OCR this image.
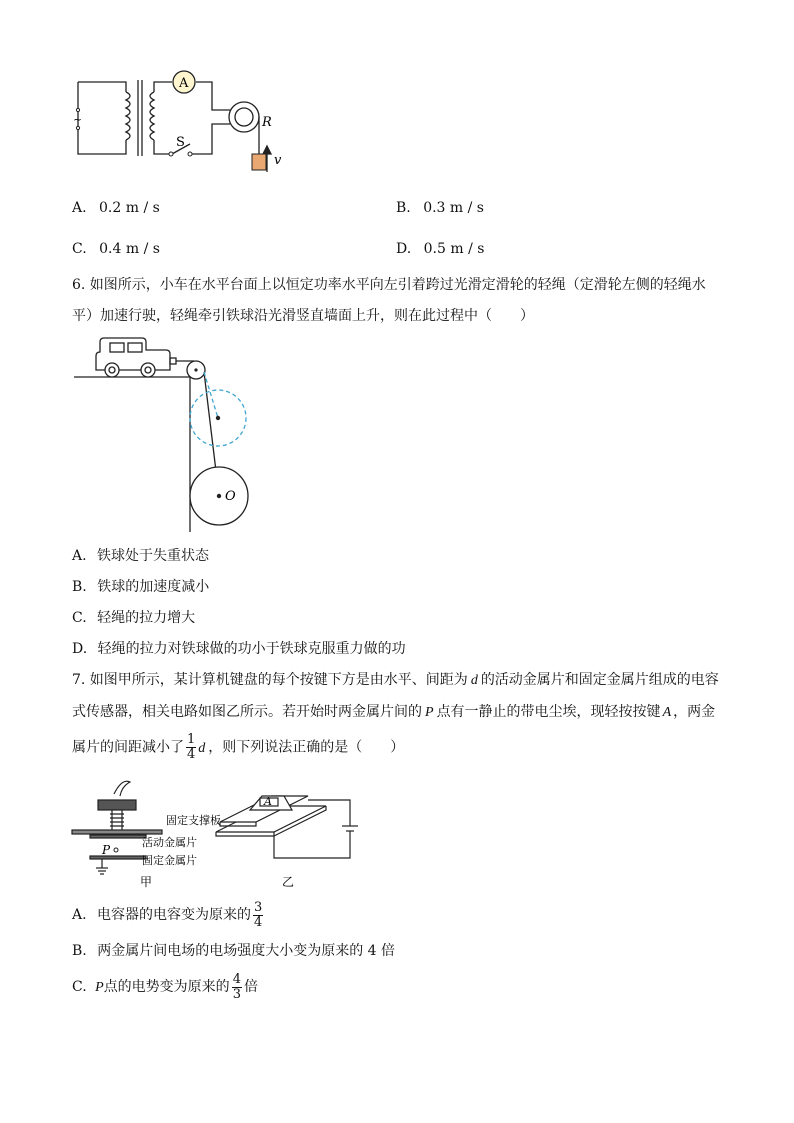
~
A
S
R
v
A. 0.2 m / s	B. 0.3 m / s
C. 0.4 m / s	D. 0.5 m / s
6. 如图所示，小车在水平台面上以恒定功率水平向左引着跨过光滑定滑轮的轻绳（定滑轮左侧的轻绳水
平）加速行驶，轻绳牵引铁球沿光滑竖直墙面上升，则在此过程中（　　）
O
A. 铁球处于失重状态
B. 铁球的加速度减小
C. 轻绳的拉力增大
D. 轻绳的拉力对铁球做的功小于铁球克服重力做的功
7. 如图甲所示，某计算机键盘的每个按键下方是由水平、间距为 d 的活动金属片和固定金属片组成的电容
式传感器，相关电路如图乙所示。若开始时两金属片间的 P 点有一静止的带电尘埃，现轻按按键 A ，两金
属片的间距减小了 $\frac{1}{4}$ d ，则下列说法正确的是（　　）
P
固定支撑板
活动金属片
固定金属片
甲
A
乙
A. 电容器的电容变为原来的 $\frac{3}{4}$
B. 两金属片间电场的电场强度大小变为原来的 4 倍
C. P点的电势变为原来的 $\frac{4}{3}$ 倍
